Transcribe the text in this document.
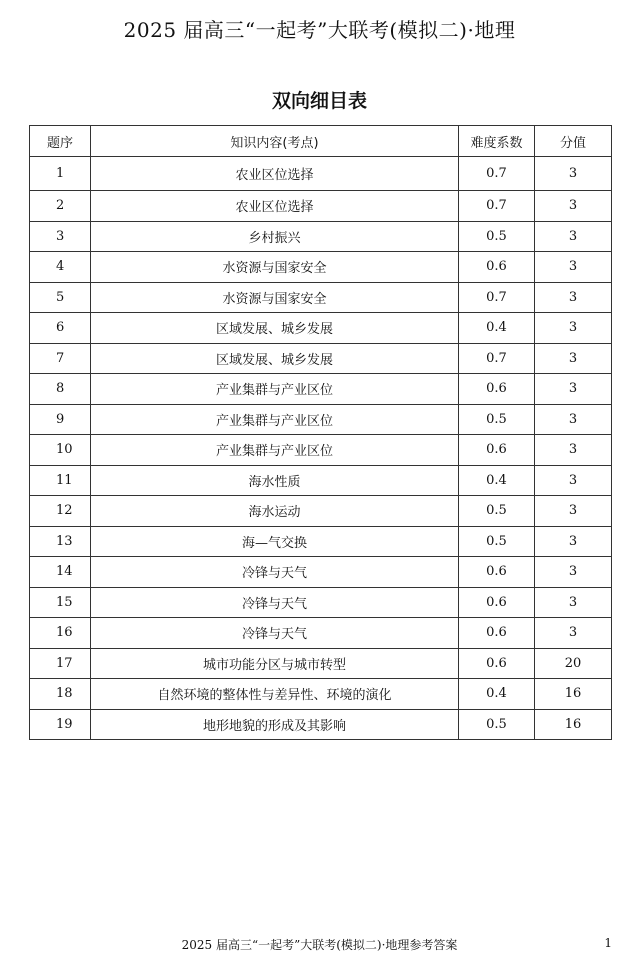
2025 届高三“一起考”大联考(模拟二)·地理
双向细目表
题序	知识内容(考点)	难度系数	分值
1	农业区位选择	0.7	3
2	农业区位选择	0.7	3
3	乡村振兴	0.5	3
4	水资源与国家安全	0.6	3
5	水资源与国家安全	0.7	3
6	区域发展、城乡发展	0.4	3
7	区域发展、城乡发展	0.7	3
8	产业集群与产业区位	0.6	3
9	产业集群与产业区位	0.5	3
10	产业集群与产业区位	0.6	3
11	海水性质	0.4	3
12	海水运动	0.5	3
13	海—气交换	0.5	3
14	冷锋与天气	0.6	3
15	冷锋与天气	0.6	3
16	冷锋与天气	0.6	3
17	城市功能分区与城市转型	0.6	20
18	自然环境的整体性与差异性、环境的演化	0.4	16
19	地形地貌的形成及其影响	0.5	16
2025 届高三“一起考”大联考(模拟二)·地理参考答案	1
